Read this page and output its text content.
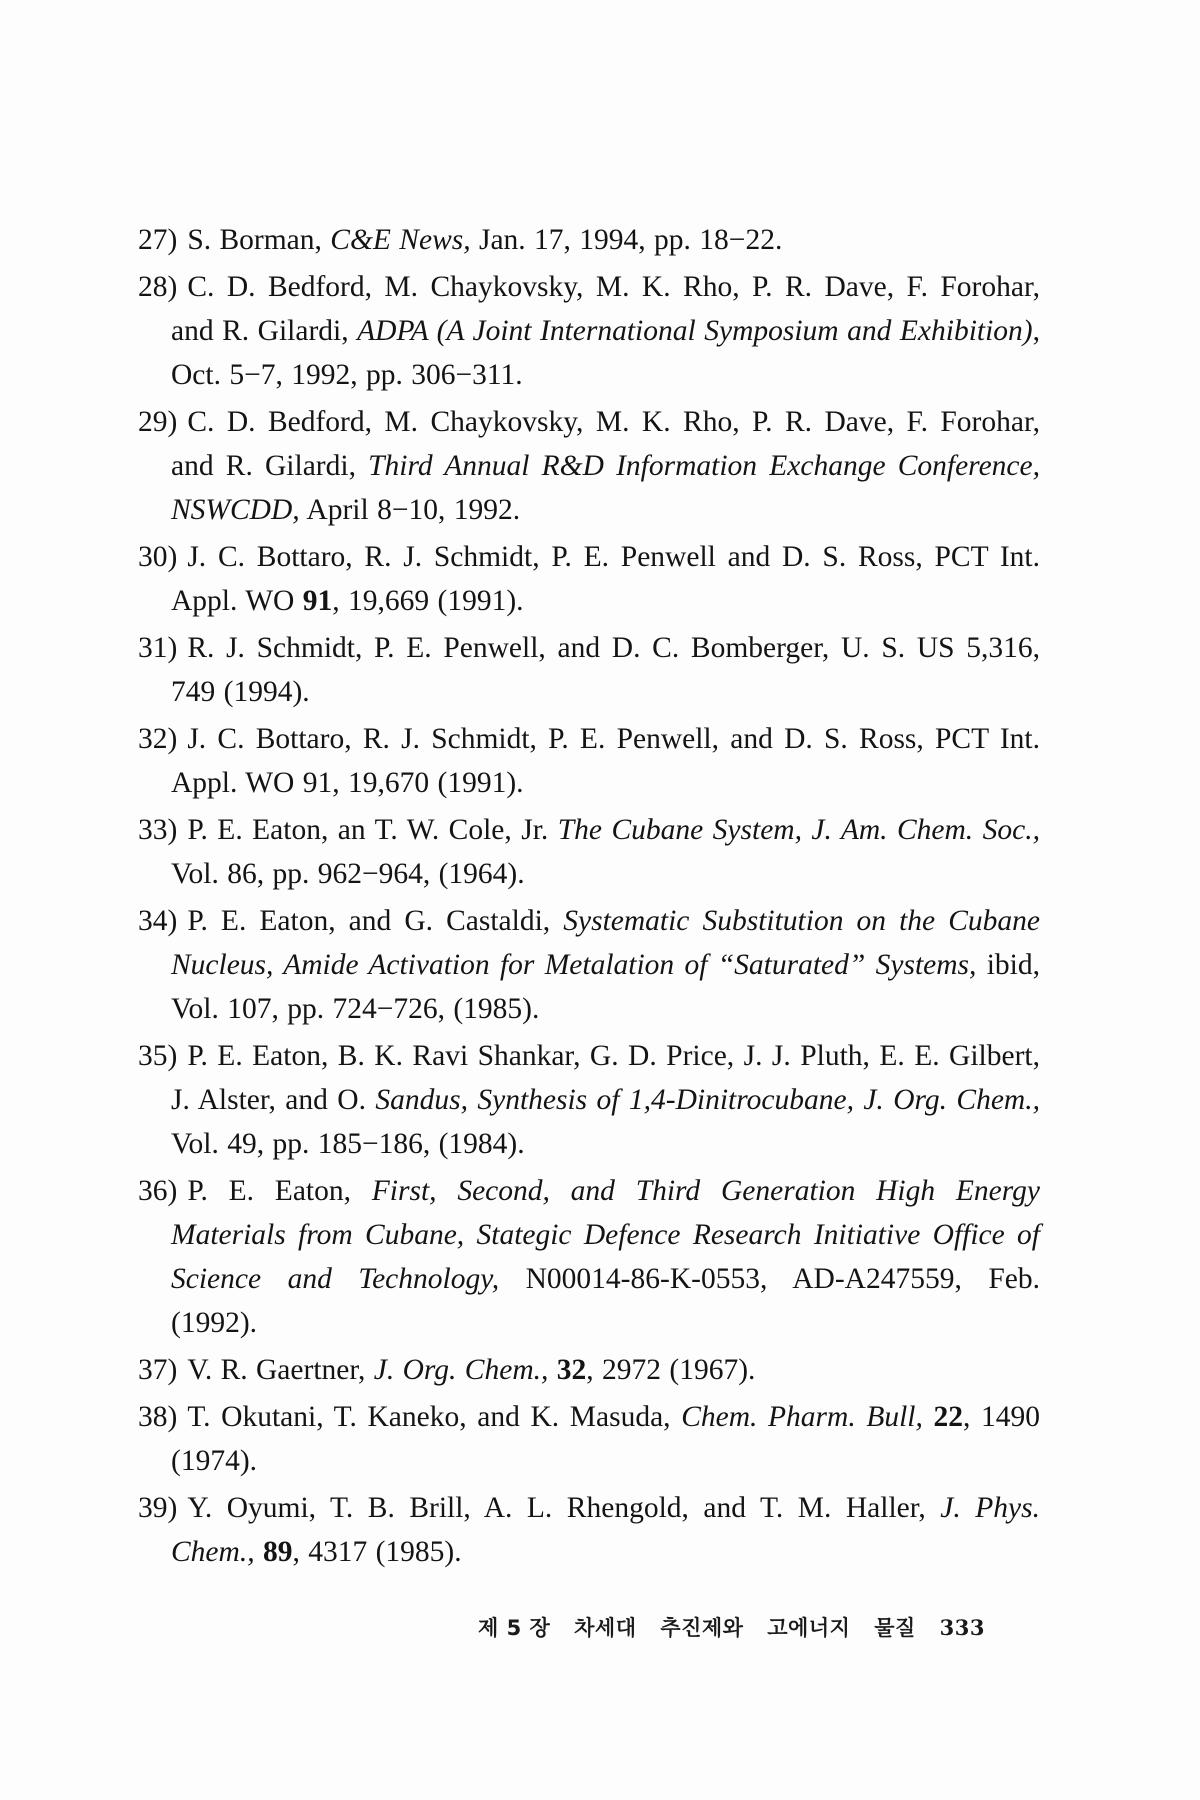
27) S. Borman, C&E News, Jan. 17, 1994, pp. 18−22.
28) C. D. Bedford, M. Chaykovsky, M. K. Rho, P. R. Dave, F. Forohar, and R. Gilardi, ADPA (A Joint International Symposium and Exhibition), Oct. 5−7, 1992, pp. 306−311.
29) C. D. Bedford, M. Chaykovsky, M. K. Rho, P. R. Dave, F. Forohar, and R. Gilardi, Third Annual R&D Information Exchange Conference, NSWCDD, April 8−10, 1992.
30) J. C. Bottaro, R. J. Schmidt, P. E. Penwell and D. S. Ross, PCT Int. Appl. WO 91, 19,669 (1991).
31) R. J. Schmidt, P. E. Penwell, and D. C. Bomberger, U. S. US 5,316, 749 (1994).
32) J. C. Bottaro, R. J. Schmidt, P. E. Penwell, and D. S. Ross, PCT Int. Appl. WO 91, 19,670 (1991).
33) P. E. Eaton, an T. W. Cole, Jr. The Cubane System, J. Am. Chem. Soc., Vol. 86, pp. 962−964, (1964).
34) P. E. Eaton, and G. Castaldi, Systematic Substitution on the Cubane Nucleus, Amide Activation for Metalation of “Saturated” Systems, ibid, Vol. 107, pp. 724−726, (1985).
35) P. E. Eaton, B. K. Ravi Shankar, G. D. Price, J. J. Pluth, E. E. Gilbert, J. Alster, and O. Sandus, Synthesis of 1,4-Dinitrocubane, J. Org. Chem., Vol. 49, pp. 185−186, (1984).
36) P. E. Eaton, First, Second, and Third Generation High Energy Materials from Cubane, Stategic Defence Research Initiative Office of Science and Technology, N00014-86-K-0553, AD-A247559, Feb. (1992).
37) V. R. Gaertner, J. Org. Chem., 32, 2972 (1967).
38) T. Okutani, T. Kaneko, and K. Masuda, Chem. Pharm. Bull, 22, 1490 (1974).
39) Y. Oyumi, T. B. Brill, A. L. Rhengold, and T. M. Haller, J. Phys. Chem., 89, 4317 (1985).
제 5 장 차세대 추진제와 고에너지 물질 333
